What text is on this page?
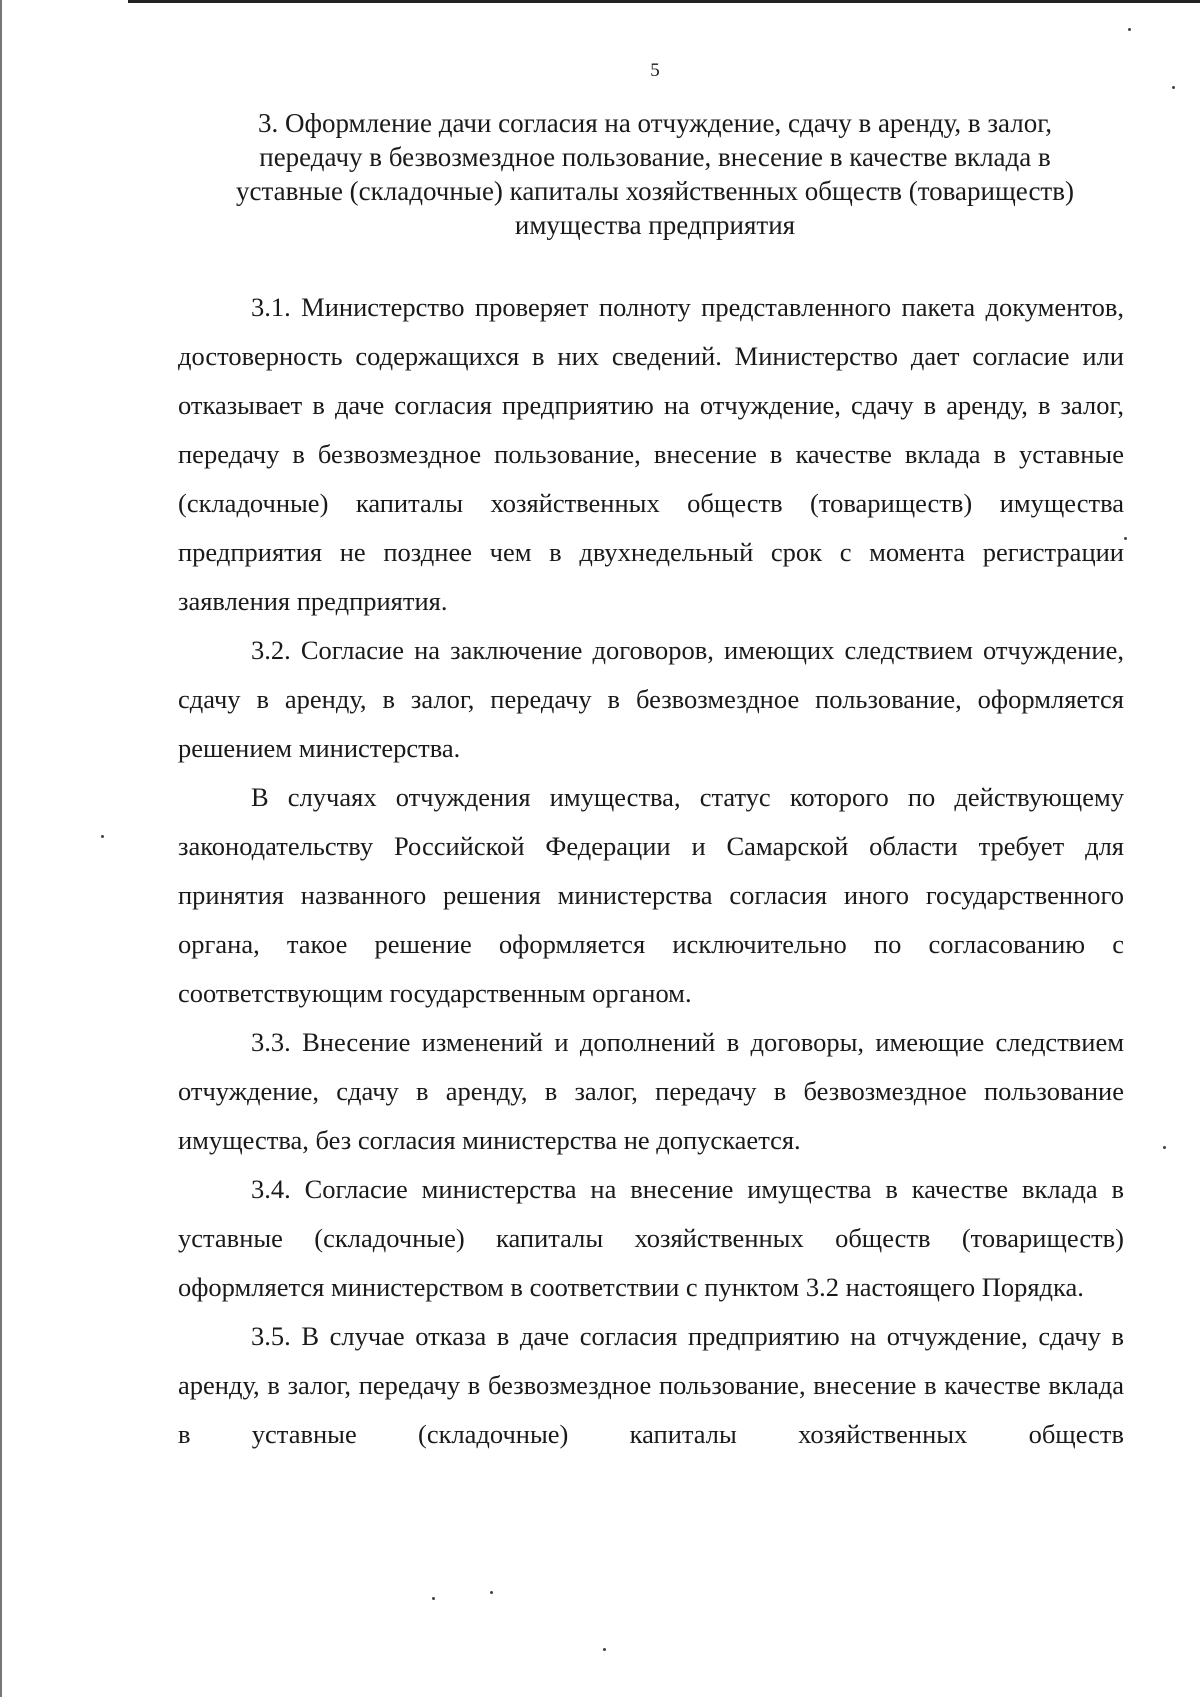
5
3. Оформление дачи согласия на отчуждение, сдачу в аренду, в залог,
передачу в безвозмездное пользование, внесение в качестве вклада в
уставные (складочные) капиталы хозяйственных обществ (товариществ)
имущества предприятия

3.1. Министерство проверяет полноту представленного пакета документов, достоверность содержащихся в них сведений. Министерство дает согласие или отказывает в даче согласия предприятию на отчуждение, сдачу в аренду, в залог, передачу в безвозмездное пользование, внесение в качестве вклада в уставные (складочные) капиталы хозяйственных обществ (товариществ) имущества предприятия не позднее чем в двухнедельный срок с момента регистрации заявления предприятия.

3.2. Согласие на заключение договоров, имеющих следствием отчуждение, сдачу в аренду, в залог, передачу в безвозмездное пользование, оформляется решением министерства.

В случаях отчуждения имущества, статус которого по действующему законодательству Российской Федерации и Самарской области требует для принятия названного решения министерства согласия иного государственного органа, такое решение оформляется исключительно по согласованию с соответствующим государственным органом.

3.3. Внесение изменений и дополнений в договоры, имеющие следствием отчуждение, сдачу в аренду, в залог, передачу в безвозмездное пользование имущества, без согласия министерства не допускается.

3.4. Согласие министерства на внесение имущества в качестве вклада в уставные (складочные) капиталы хозяйственных обществ (товариществ) оформляется министерством в соответствии с пунктом 3.2 настоящего Порядка.

3.5. В случае отказа в даче согласия предприятию на отчуждение, сдачу в аренду, в залог, передачу в безвозмездное пользование, внесение в качестве вклада в уставные (складочные) капиталы хозяйственных обществ
